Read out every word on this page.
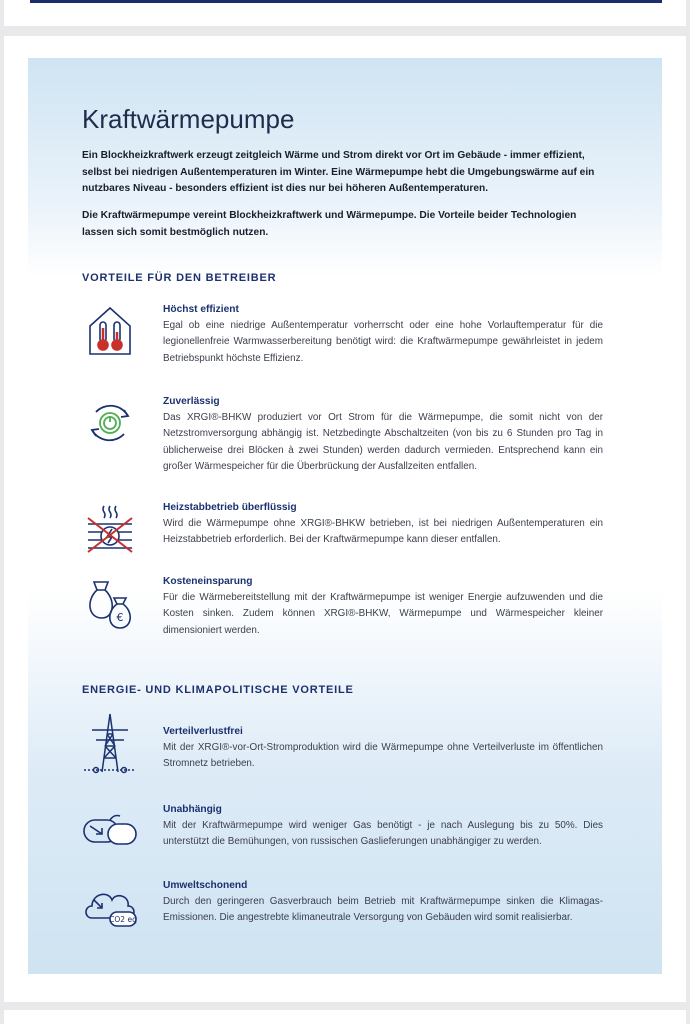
Kraftwärmepumpe

Ein Blockheizkraftwerk erzeugt zeitgleich Wärme und Strom direkt vor Ort im Gebäude - immer effizient, selbst bei niedrigen Außentemperaturen im Winter. Eine Wärmepumpe hebt die Umgebungswärme auf ein nutzbares Niveau - besonders effizient ist dies nur bei höheren Außentemperaturen.

Die Kraftwärmepumpe vereint Blockheizkraftwerk und Wärmepumpe. Die Vorteile beider Technologien lassen sich somit bestmöglich nutzen.

VORTEILE FÜR DEN BETREIBER
Höchst effizient
Egal ob eine niedrige Außentemperatur vorherrscht oder eine hohe Vorlauftemperatur für die legionellenfreie Warmwasserbereitung benötigt wird: die Kraftwärmepumpe gewährleistet in jedem Betriebspunkt höchste Effizienz.
Zuverlässig
Das XRGI®-BHKW produziert vor Ort Strom für die Wärmepumpe, die somit nicht von der Netzstromversorgung abhängig ist. Netzbedingte Abschaltzeiten (von bis zu 6 Stunden pro Tag in üblicherweise drei Blöcken à zwei Stunden) werden dadurch vermieden. Entsprechend kann ein großer Wärmespeicher für die Überbrückung der Ausfallzeiten entfallen.
Heizstabbetrieb überflüssig
Wird die Wärmepumpe ohne XRGI®-BHKW betrieben, ist bei niedrigen Außentemperaturen ein Heizstabbetrieb erforderlich. Bei der Kraftwärmepumpe kann dieser entfallen.
€
Kosteneinsparung
Für die Wärmebereitstellung mit der Kraftwärmepumpe ist weniger Energie aufzuwenden und die Kosten sinken. Zudem können XRGI®-BHKW, Wärmepumpe und Wärmespeicher kleiner dimensioniert werden.
ENERGIE- UND KLIMAPOLITISCHE VORTEILE
Verteilverlustfrei
Mit der XRGI®-vor-Ort-Stromproduktion wird die Wärmepumpe ohne Verteilverluste im öffentlichen Stromnetz betrieben.
Unabhängig
Mit der Kraftwärmepumpe wird weniger Gas benötigt - je nach Auslegung bis zu 50%. Dies unterstützt die Bemühungen, von russischen Gaslieferungen unabhängiger zu werden.
CO2 eq
Umweltschonend
Durch den geringeren Gasverbrauch beim Betrieb mit Kraftwärmepumpe sinken die Klimagas-Emissionen. Die angestrebte klimaneutrale Versorgung von Gebäuden wird somit realisierbar.
